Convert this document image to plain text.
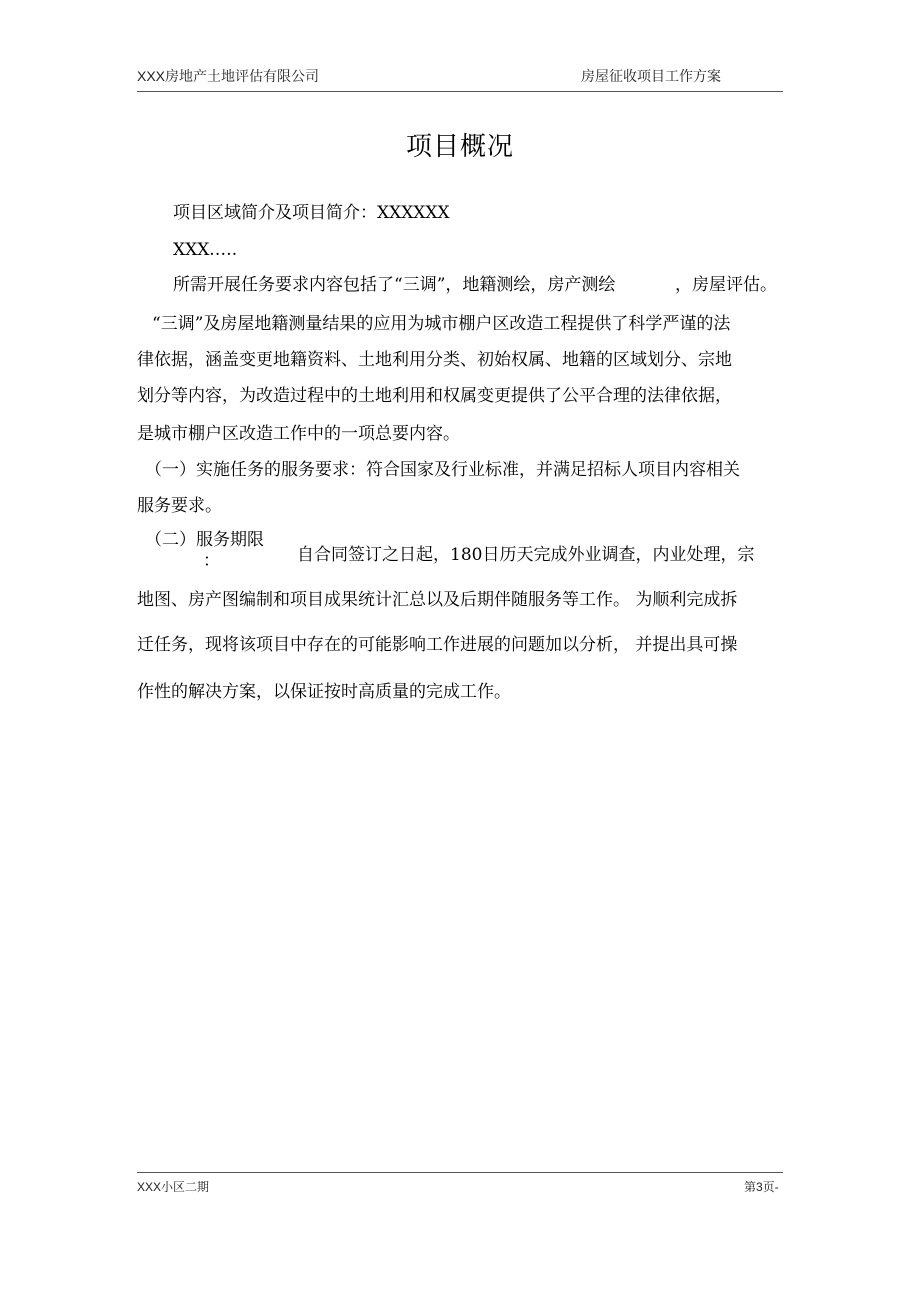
XXX房地产土地评估有限公司	房屋征收项目工作方案
项目概况
项目区域简介及项目简介：XXXXXX
XXX.….
所需开展任务要求内容包括了“三调”，地籍测绘，房产测绘	，房屋评估。
“三调”及房屋地籍测量结果的应用为城市棚户区改造工程提供了科学严谨的法
律依据，涵盖变更地籍资料、土地利用分类、初始权属、地籍的区域划分、宗地
划分等内容，为改造过程中的土地利用和权属变更提供了公平合理的法律依据，
是城市棚户区改造工作中的一项总要内容。
（一）实施任务的服务要求：符合国家及行业标准，并满足招标人项目内容相关
服务要求。
（二）服务期限
：	自合同签订之日起，180日历天完成外业调查，内业处理，宗
地图、房产图编制和项目成果统计汇总以及后期伴随服务等工作。 为顺利完成拆
迁任务，现将该项目中存在的可能影响工作进展的问题加以分析， 并提出具可操
作性的解决方案，以保证按时高质量的完成工作。
XXX小区二期	第3页-
